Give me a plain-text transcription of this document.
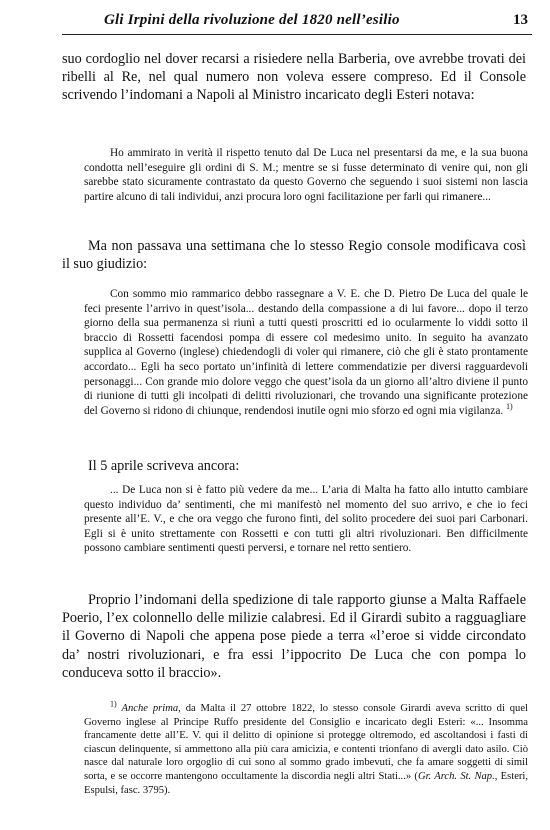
Gli Irpini della rivoluzione del 1820 nell’esilio	13
suo cordoglio nel dover recarsi a risiedere nella Barberia, ove avrebbe trovati dei ribelli al Re, nel qual numero non voleva essere compreso. Ed il Console scrivendo l’indomani a Napoli al Ministro incaricato degli Esteri notava:
Ho ammirato in verità il rispetto tenuto dal De Luca nel presentarsi da me, e la sua buona condotta nell’eseguire gli ordini di S. M.; mentre se si fusse determinato di venire qui, non gli sarebbe stato sicuramente contrastato da questo Governo che seguendo i suoi sistemi non lascia partire alcuno di tali individui, anzi procura loro ogni facilitazione per farli qui rimanere...
Ma non passava una settimana che lo stesso Regio console modificava così il suo giudizio:
Con sommo mio rammarico debbo rassegnare a V. E. che D. Pietro De Luca del quale le feci presente l’arrivo in quest’isola... destando della compassione a di lui favore... dopo il terzo giorno della sua permanenza si riunì a tutti questi proscritti ed io ocularmente lo viddi sotto il braccio di Rossetti facendosi pompa di essere col medesimo unito. In seguito ha avanzato supplica al Governo (inglese) chiedendogli di voler qui rimanere, ciò che gli è stato prontamente accordato... Egli ha seco portato un’infinità di lettere commendatizie per diversi ragguardevoli personaggi... Con grande mio dolore veggo che quest’isola da un giorno all’altro diviene il punto di riunione di tutti gli incolpati di delitti rivoluzionari, che trovando una significante protezione del Governo si ridono di chiunque, rendendosi inutile ogni mio sforzo ed ogni mia vigilanza. $^{1)}$
Il 5 aprile scriveva ancora:
... De Luca non si è fatto più vedere da me... L’aria di Malta ha fatto allo intutto cambiare questo individuo da’ sentimenti, che mi manifestò nel momento del suo arrivo, e che io feci presente all’E. V., e che ora veggo che furono finti, del solito procedere dei suoi pari Carbonari. Egli si è unito strettamente con Rossetti e con tutti gli altri rivoluzionari. Ben difficilmente possono cambiare sentimenti questi perversi, e tornare nel retto sentiero.
Proprio l’indomani della spedizione di tale rapporto giunse a Malta Raffaele Poerio, l’ex colonnello delle milizie calabresi. Ed il Girardi subito a ragguagliare il Governo di Napoli che appena pose piede a terra «l’eroe si vidde circondato da’ nostri rivoluzionari, e fra essi l’ippocrito De Luca che con pompa lo conduceva sotto il braccio».
$^{1)}$ Anche prima, da Malta il 27 ottobre 1822, lo stesso console Girardi aveva scritto di quel Governo inglese al Principe Ruffo presidente del Consiglio e incaricato degli Esteri: «... Insomma francamente dette all’E. V. qui il delitto di opinione si protegge oltremodo, ed ascoltandosi i fasti di ciascun delinquente, si ammettono alla più cara amicizia, e contenti trionfano di avergli dato asilo. Ciò nasce dal naturale loro orgoglio di cui sono al sommo grado imbevuti, che fa amare soggetti di simil sorta, e se occorre mantengono occultamente la discordia negli altri Stati...» (Gr. Arch. St. Nap., Esteri, Espulsi, fasc. 3795).
